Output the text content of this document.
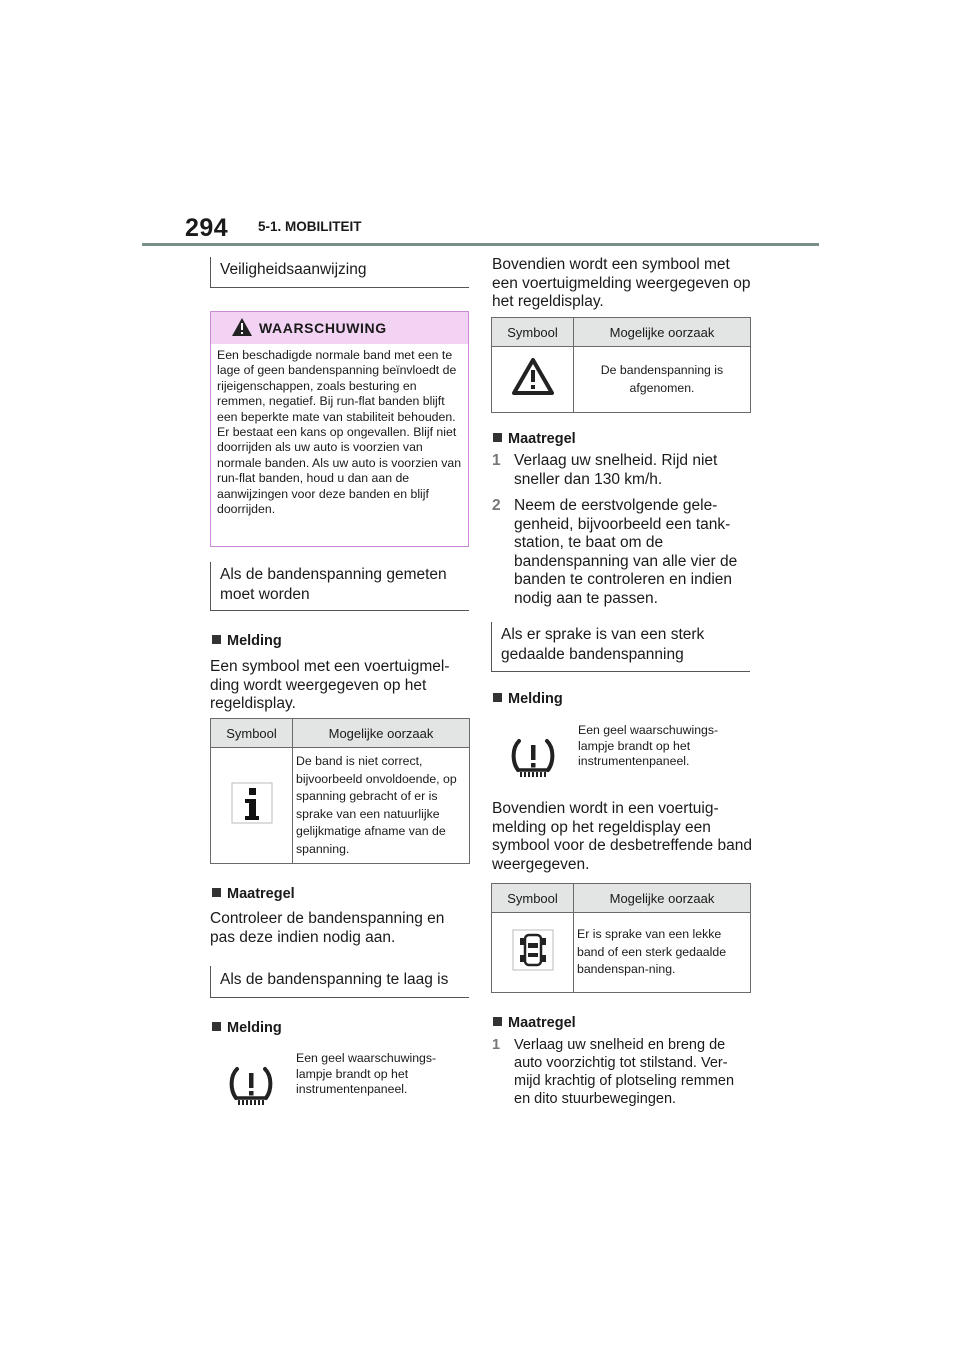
294 5-1. MOBILITEIT
Veiligheidsaanwijzing
WAARSCHUWING
Een beschadigde normale band met een te lage of geen bandenspanning beïnvloedt de rijeigenschappen, zoals besturing en remmen, negatief. Bij run-flat banden blijft een beperkte mate van stabiliteit behouden. Er bestaat een kans op ongevallen. Blijf niet doorrijden als uw auto is voorzien van normale banden. Als uw auto is voorzien van run-flat banden, houd u dan aan de aanwijzingen voor deze banden en blijf doorrijden.
Als de bandenspanning gemeten moet worden
Melding
Een symbool met een voertuigmel-ding wordt weergegeven op het regeldisplay.
Symbool	Mogelijke oorzaak
	De band is niet correct, bijvoorbeeld onvoldoende, op spanning gebracht of er is sprake van een natuurlijke gelijkmatige afname van de spanning.
Maatregel
Controleer de bandenspanning en pas deze indien nodig aan.
Als de bandenspanning te laag is
Melding
Een geel waarschuwings-lampje brandt op het instrumentenpaneel.
Bovendien wordt een symbool met een voertuigmelding weergegeven op het regeldisplay.
Symbool	Mogelijke oorzaak
	De bandenspanning is afgenomen.
Maatregel
1 Verlaag uw snelheid. Rijd niet sneller dan 130 km/h.
2 Neem de eerstvolgende gele-genheid, bijvoorbeeld een tank-station, te baat om de bandenspanning van alle vier de banden te controleren en indien nodig aan te passen.
Als er sprake is van een sterk gedaalde bandenspanning
Melding
Een geel waarschuwings-lampje brandt op het instrumentenpaneel.
Bovendien wordt in een voertuig-melding op het regeldisplay een symbool voor de desbetreffende band weergegeven.
Symbool	Mogelijke oorzaak
	Er is sprake van een lekke band of een sterk gedaalde bandenspan-ning.
Maatregel
1 Verlaag uw snelheid en breng de auto voorzichtig tot stilstand. Ver-mijd krachtig of plotseling remmen en dito stuurbewegingen.
